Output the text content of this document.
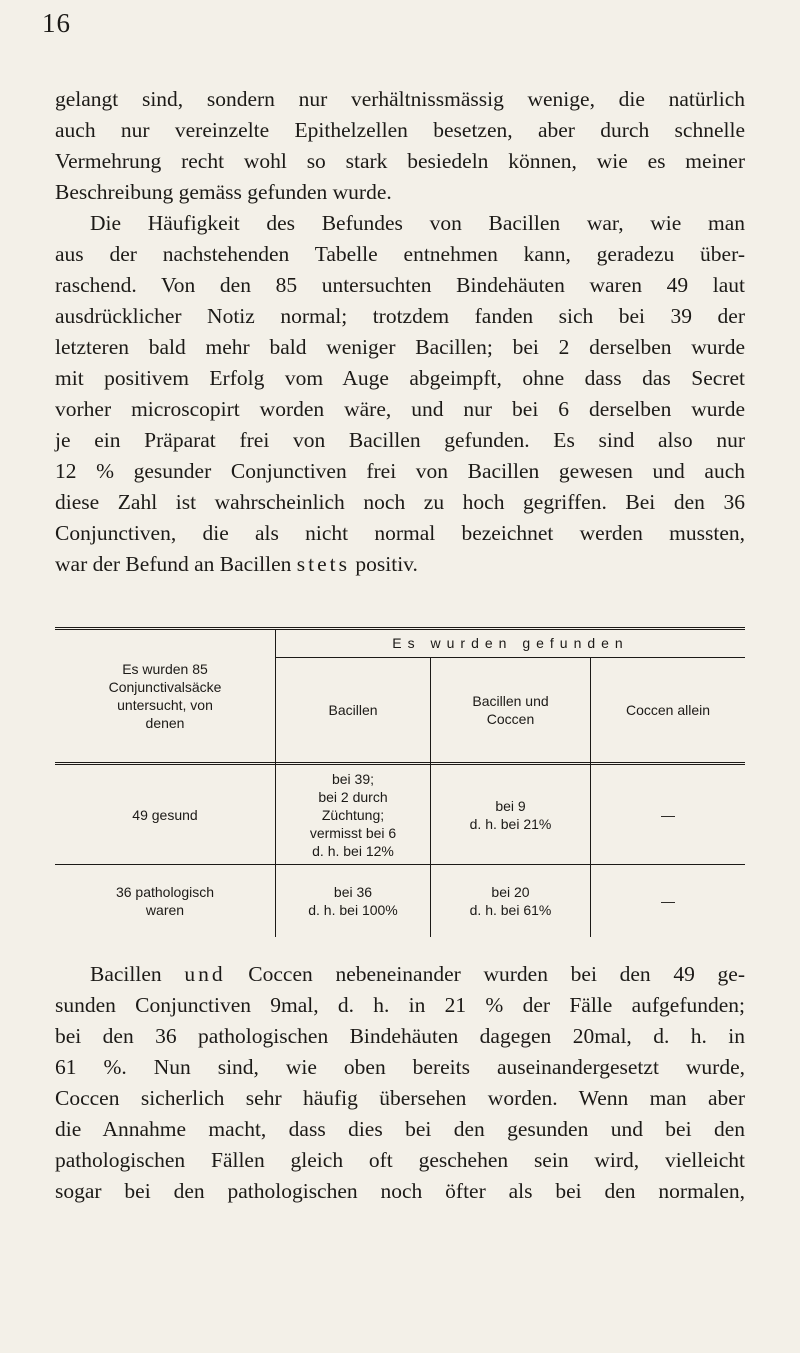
16
gelangt sind, sondern nur verhältnissmässig wenige, die natürlich
auch nur vereinzelte Epithelzellen besetzen, aber durch schnelle
Vermehrung recht wohl so stark besiedeln können, wie es meiner
Beschreibung gemäss gefunden wurde.
Die Häufigkeit des Befundes von Bacillen war, wie man
aus der nachstehenden Tabelle entnehmen kann, geradezu über-
raschend. Von den 85 untersuchten Bindehäuten waren 49 laut
ausdrücklicher Notiz normal; trotzdem fanden sich bei 39 der
letzteren bald mehr bald weniger Bacillen; bei 2 derselben wurde
mit positivem Erfolg vom Auge abgeimpft, ohne dass das Secret
vorher microscopirt worden wäre, und nur bei 6 derselben wurde
je ein Präparat frei von Bacillen gefunden. Es sind also nur
12 % gesunder Conjunctiven frei von Bacillen gewesen und auch
diese Zahl ist wahrscheinlich noch zu hoch gegriffen. Bei den 36
Conjunctiven, die als nicht normal bezeichnet werden mussten,
war der Befund an Bacillen stets positiv.
Es wurden 85
Conjunctivalsäcke
untersucht, von
denen
Es wurden gefunden
Bacillen
Bacillen und
Coccen
Coccen allein
49 gesund
bei 39;
bei 2 durch
Züchtung;
vermisst bei 6
d. h. bei 12%
bei 9
d. h. bei 21%
—
36 pathologisch
waren
bei 36
d. h. bei 100%
bei 20
d. h. bei 61%
—
Bacillen und Coccen nebeneinander wurden bei den 49 ge-
sunden Conjunctiven 9mal, d. h. in 21 % der Fälle aufgefunden;
bei den 36 pathologischen Bindehäuten dagegen 20mal, d. h. in
61 %. Nun sind, wie oben bereits auseinandergesetzt wurde,
Coccen sicherlich sehr häufig übersehen worden. Wenn man aber
die Annahme macht, dass dies bei den gesunden und bei den
pathologischen Fällen gleich oft geschehen sein wird, vielleicht
sogar bei den pathologischen noch öfter als bei den normalen,
